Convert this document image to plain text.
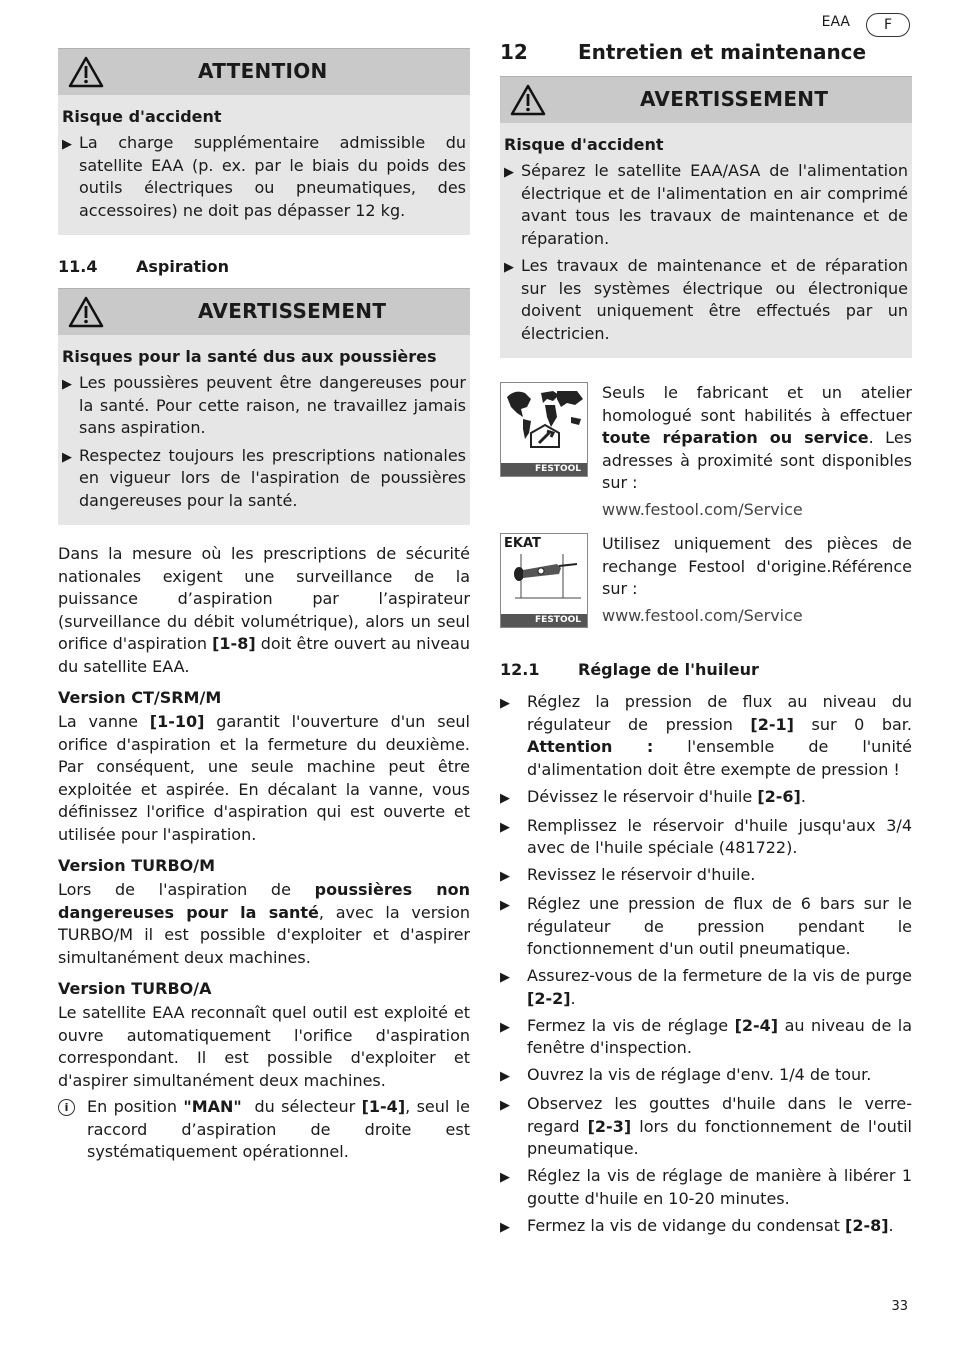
EAA	F
ATTENTION
Risque d'accident
▶ La charge supplémentaire admissible du satellite EAA (p. ex. par le biais du poids des outils électriques ou pneumatiques, des accessoires) ne doit pas dépasser 12 kg.
11.4	Aspiration
AVERTISSEMENT
Risques pour la santé dus aux poussières
▶ Les poussières peuvent être dangereuses pour la santé. Pour cette raison, ne travaillez jamais sans aspiration.
▶ Respectez toujours les prescriptions nationales en vigueur lors de l'aspiration de poussières dangereuses pour la santé.

Dans la mesure où les prescriptions de sécurité nationales exigent une surveillance de la puissance d’aspiration par l’aspirateur (surveillance du débit volumétrique), alors un seul orifice d'aspiration [1-8] doit être ouvert au niveau du satellite EAA.

Version CT/SRM/M

La vanne [1-10] garantit l'ouverture d'un seul orifice d'aspiration et la fermeture du deuxième. Par conséquent, une seule machine peut être exploitée et aspirée. En décalant la vanne, vous définissez l'orifice d'aspiration qui est ouverte et utilisée pour l'aspiration.

Version TURBO/M

Lors de l'aspiration de poussières non dangereuses pour la santé, avec la version TURBO/M il est possible d'exploiter et d'aspirer simultanément deux machines.

Version TURBO/A

Le satellite EAA reconnaît quel outil est exploité et ouvre automatiquement l'orifice d'aspiration correspondant. Il est possible d'exploiter et d'aspirer simultanément deux machines.

i	En position "MAN"  du sélecteur [1-4], seul le raccord d’aspiration de droite est systématiquement opérationnel.
12	Entretien et maintenance
AVERTISSEMENT
Risque d'accident
▶ Séparez le satellite EAA/ASA de l'alimentation électrique et de l'alimentation en air comprimé avant tous les travaux de maintenance et de réparation.
▶ Les travaux de maintenance et de réparation sur les systèmes électrique ou électronique doivent uniquement être effectués par un électricien.
FESTOOL

Seuls le fabricant et un atelier homologué sont habilités à effectuer toute réparation ou service. Les adresses à proximité sont disponibles sur :

www.festool.com/Service

EKAT
FESTOOL

Utilisez uniquement des pièces de rechange Festool d'origine.Référence sur :

www.festool.com/Service

12.1	Réglage de l'huileur
▶	Réglez la pression de flux au niveau du régulateur de pression [2-1] sur 0 bar. Attention : l'ensemble de l'unité d'alimentation doit être exempte de pression !
▶	Dévissez le réservoir d'huile [2-6].
▶	Remplissez le réservoir d'huile jusqu'aux 3/4 avec de l'huile spéciale (481722).
▶	Revissez le réservoir d'huile.
▶	Réglez une pression de flux de 6 bars sur le régulateur de pression pendant le fonctionnement d'un outil pneumatique.
▶	Assurez-vous de la fermeture de la vis de purge [2-2].
▶	Fermez la vis de réglage [2-4] au niveau de la fenêtre d'inspection.
▶	Ouvrez la vis de réglage d'env. 1/4 de tour.
▶	Observez les gouttes d'huile dans le verre-regard [2-3] lors du fonctionnement de l'outil pneumatique.
▶	Réglez la vis de réglage de manière à libérer 1 goutte d'huile en 10-20 minutes.
▶	Fermez la vis de vidange du condensat [2-8].
33
